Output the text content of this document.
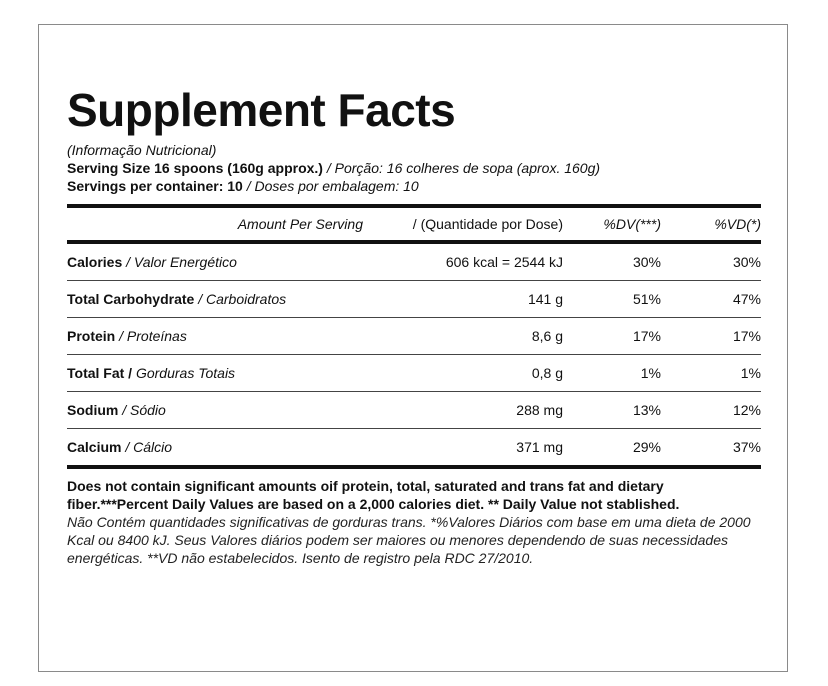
Supplement Facts
(Informação Nutricional)
Serving Size 16 spoons (160g approx.) / Porção: 16 colheres de sopa (aprox. 160g)
Servings per container: 10 / Doses por embalagem: 10
Amount Per Serving	/ (Quantidade por Dose)	%DV(***)	%VD(*)
Calories / Valor Energético	606 kcal = 2544 kJ	30%	30%
Total Carbohydrate / Carboidratos	141 g	51%	47%
Protein / Proteínas	8,6 g	17%	17%
Total Fat / Gorduras Totais	0,8 g	1%	1%
Sodium / Sódio	288 mg	13%	12%
Calcium / Cálcio	371 mg	29%	37%
Does not contain significant amounts oif protein, total, saturated and trans fat and dietary fiber.***Percent Daily Values are based on a 2,000 calories diet. ** Daily Value not stablished.
Não Contém quantidades significativas de gorduras trans. *%Valores Diários com base em uma dieta de 2000 Kcal ou 8400 kJ. Seus Valores diários podem ser maiores ou menores dependendo de suas necessidades energéticas. **VD não estabelecidos. Isento de registro pela RDC 27/2010.
